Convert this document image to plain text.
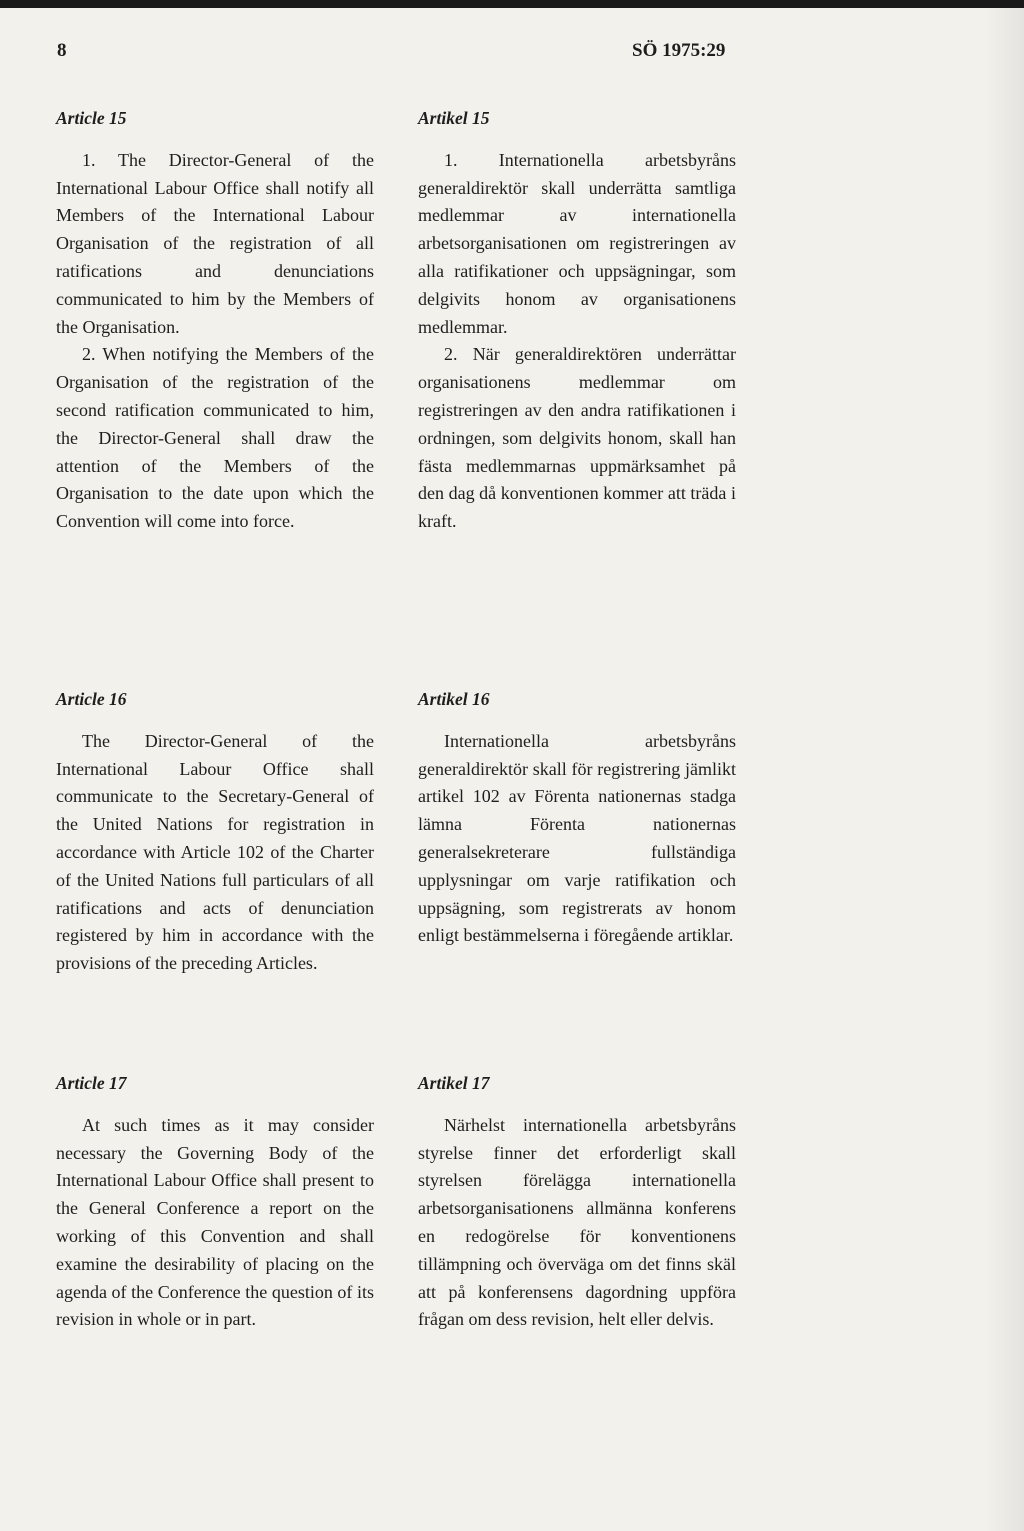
8	SÖ 1975:29
Article 15

1. The Director-General of the International Labour Office shall notify all Members of the International Labour Organisation of the registration of all ratifications and denunciations communicated to him by the Members of the Organisation.

2. When notifying the Members of the Organisation of the registration of the second ratification communicated to him, the Director-General shall draw the attention of the Members of the Organisation to the date upon which the Convention will come into force.

Article 16

The Director-General of the International Labour Office shall communicate to the Secretary-General of the United Nations for registration in accordance with Article 102 of the Charter of the United Nations full particulars of all ratifications and acts of denunciation registered by him in accordance with the provisions of the preceding Articles.

Article 17

At such times as it may consider necessary the Governing Body of the International Labour Office shall present to the General Conference a report on the working of this Convention and shall examine the desirability of placing on the agenda of the Conference the question of its revision in whole or in part.

Artikel 15

1. Internationella arbetsbyråns generaldirektör skall underrätta samtliga medlemmar av internationella arbetsorganisationen om registreringen av alla ratifikationer och uppsägningar, som delgivits honom av organisationens medlemmar.

2. När generaldirektören underrättar organisationens medlemmar om registreringen av den andra ratifikationen i ordningen, som delgivits honom, skall han fästa medlemmarnas uppmärksamhet på den dag då konventionen kommer att träda i kraft.

Artikel 16

Internationella arbetsbyråns generaldirektör skall för registrering jämlikt artikel 102 av Förenta nationernas stadga lämna Förenta nationernas generalsekreterare fullständiga upplysningar om varje ratifikation och uppsägning, som registrerats av honom enligt bestämmelserna i föregående artiklar.

Artikel 17

Närhelst internationella arbetsbyråns styrelse finner det erforderligt skall styrelsen förelägga internationella arbetsorganisationens allmänna konferens en redogörelse för konventionens tillämpning och överväga om det finns skäl att på konferensens dagordning uppföra frågan om dess revision, helt eller delvis.
